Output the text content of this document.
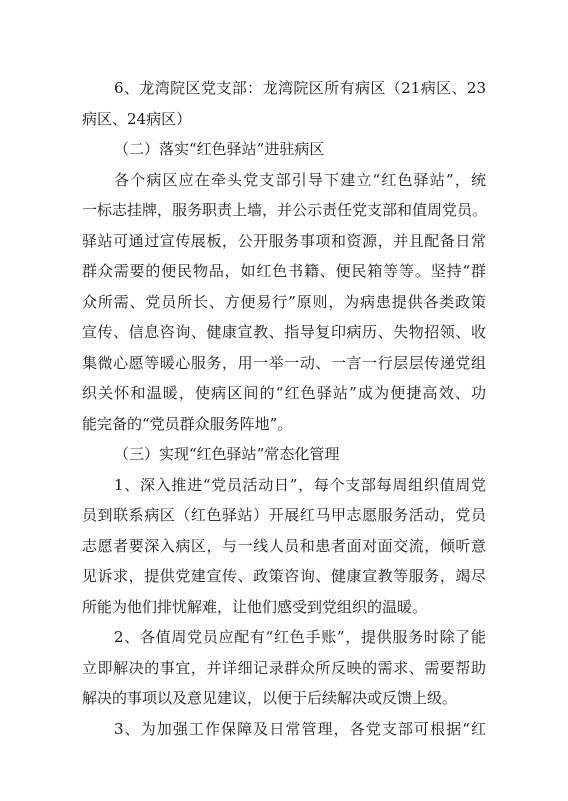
6、龙湾院区党支部：龙湾院区所有病区（21病区、23
病区、24病区）
（二）落实“红色驿站”进驻病区
各个病区应在牵头党支部引导下建立“红色驿站”，统
一标志挂牌，服务职责上墙，并公示责任党支部和值周党员。
驿站可通过宣传展板，公开服务事项和资源，并且配备日常
群众需要的便民物品，如红色书籍、便民箱等等。坚持“群
众所需、党员所长、方便易行”原则，为病患提供各类政策
宣传、信息咨询、健康宣教、指导复印病历、失物招领、收
集微心愿等暖心服务，用一举一动、一言一行层层传递党组
织关怀和温暖，使病区间的“红色驿站”成为便捷高效、功
能完备的“党员群众服务阵地”。
（三）实现“红色驿站”常态化管理
1、深入推进“党员活动日”，每个支部每周组织值周党
员到联系病区（红色驿站）开展红马甲志愿服务活动，党员
志愿者要深入病区，与一线人员和患者面对面交流，倾听意
见诉求，提供党建宣传、政策咨询、健康宣教等服务，竭尽
所能为他们排忧解难，让他们感受到党组织的温暖。
2、各值周党员应配有“红色手账”，提供服务时除了能
立即解决的事宜，并详细记录群众所反映的需求、需要帮助
解决的事项以及意见建议，以便于后续解决或反馈上级。
3、为加强工作保障及日常管理，各党支部可根据“红
